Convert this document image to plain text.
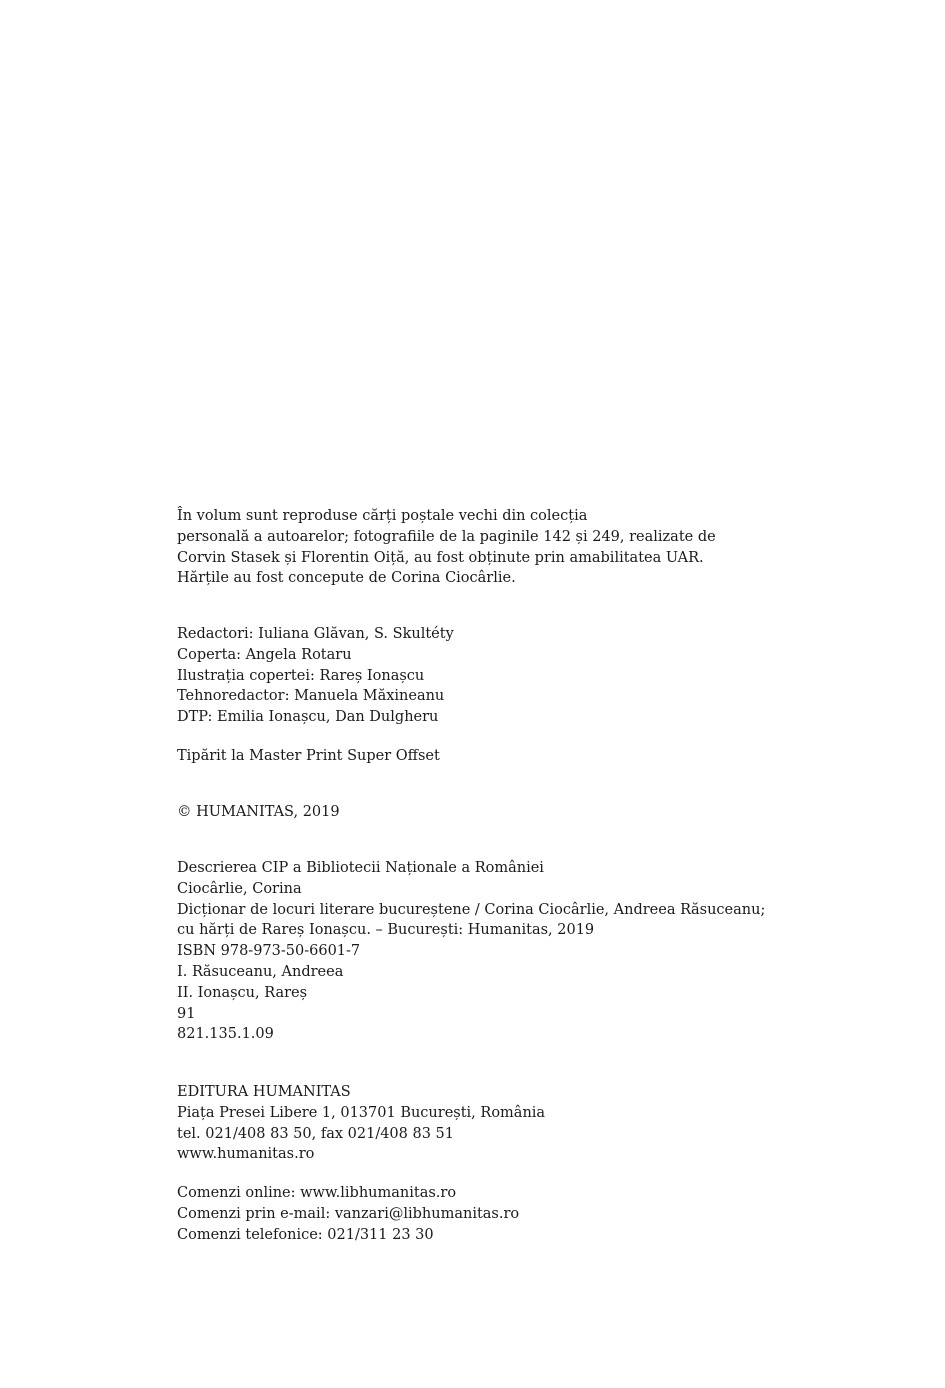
În volum sunt reproduse cărți poștale vechi din colecția
personală a autoarelor; fotografiile de la paginile 142 și 249, realizate de
Corvin Stasek și Florentin Oiță, au fost obținute prin amabilitatea UAR.
Hărțile au fost concepute de Corina Ciocârlie.
Redactori: Iuliana Glăvan, S. Skultéty
Coperta: Angela Rotaru
Ilustrația copertei: Rareș Ionașcu
Tehnoredactor: Manuela Măxineanu
DTP: Emilia Ionașcu, Dan Dulgheru
Tipărit la Master Print Super Offset
© HUMANITAS, 2019
Descrierea CIP a Bibliotecii Naționale a României
Ciocârlie, Corina
Dicționar de locuri literare bucureștene / Corina Ciocârlie, Andreea Răsuceanu;
cu hărți de Rareș Ionașcu. – București: Humanitas, 2019
ISBN 978-973-50-6601-7
I. Răsuceanu, Andreea
II. Ionașcu, Rareș
91
821.135.1.09
EDITURA HUMANITAS
Piața Presei Libere 1, 013701 București, România
tel. 021/408 83 50, fax 021/408 83 51
www.humanitas.ro
Comenzi online: www.libhumanitas.ro
Comenzi prin e-mail: vanzari@libhumanitas.ro
Comenzi telefonice: 021/311 23 30
